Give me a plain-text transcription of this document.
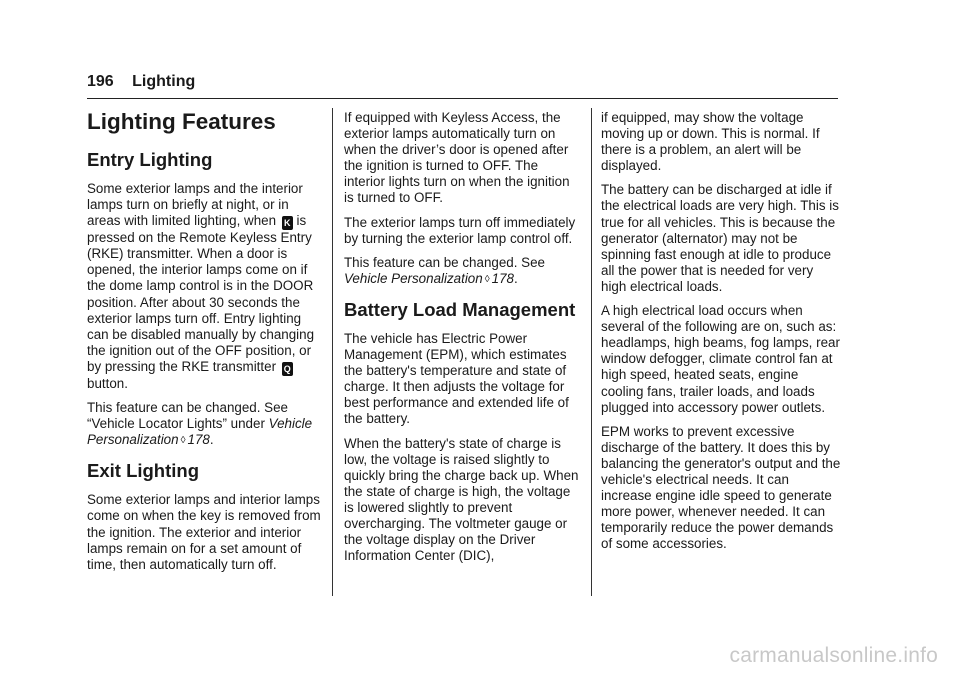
196 Lighting
Lighting Features
Entry Lighting

Some exterior lamps and the interior lamps turn on briefly at night, or in areas with limited lighting, when K is pressed on the Remote Keyless Entry (RKE) transmitter. When a door is opened, the interior lamps come on if the dome lamp control is in the DOOR position. After about 30 seconds the exterior lamps turn off. Entry lighting can be disabled manually by changing the ignition out of the OFF position, or by pressing the RKE transmitter Q button.

This feature can be changed. See “Vehicle Locator Lights” under Vehicle Personalization ◊ 178.

Exit Lighting

Some exterior lamps and interior lamps come on when the key is removed from the ignition. The exterior and interior lamps remain on for a set amount of time, then automatically turn off.

If equipped with Keyless Access, the exterior lamps automatically turn on when the driver’s door is opened after the ignition is turned to OFF. The interior lights turn on when the ignition is turned to OFF.

The exterior lamps turn off immediately by turning the exterior lamp control off.

This feature can be changed. See Vehicle Personalization ◊ 178.

Battery Load Management

The vehicle has Electric Power Management (EPM), which estimates the battery's temperature and state of charge. It then adjusts the voltage for best performance and extended life of the battery.

When the battery's state of charge is low, the voltage is raised slightly to quickly bring the charge back up. When the state of charge is high, the voltage is lowered slightly to prevent overcharging. The voltmeter gauge or the voltage display on the Driver Information Center (DIC),

if equipped, may show the voltage moving up or down. This is normal. If there is a problem, an alert will be displayed.

The battery can be discharged at idle if the electrical loads are very high. This is true for all vehicles. This is because the generator (alternator) may not be spinning fast enough at idle to produce all the power that is needed for very high electrical loads.

A high electrical load occurs when several of the following are on, such as: headlamps, high beams, fog lamps, rear window defogger, climate control fan at high speed, heated seats, engine cooling fans, trailer loads, and loads plugged into accessory power outlets.

EPM works to prevent excessive discharge of the battery. It does this by balancing the generator's output and the vehicle's electrical needs. It can increase engine idle speed to generate more power, whenever needed. It can temporarily reduce the power demands of some accessories.

carmanualsonline.info
